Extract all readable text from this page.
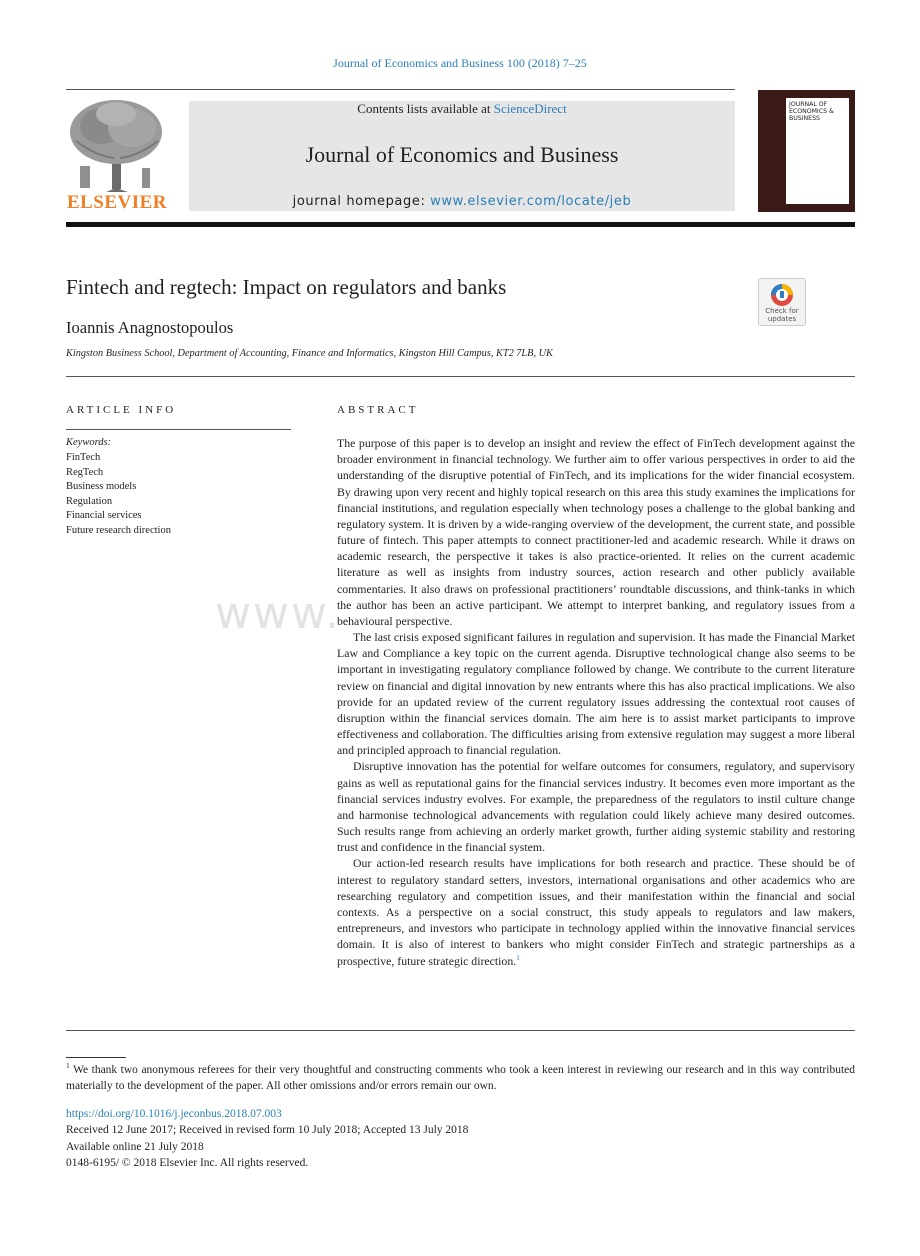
Journal of Economics and Business 100 (2018) 7–25
ELSEVIER
Contents lists available at ScienceDirect
Journal of Economics and Business
journal homepage: www.elsevier.com/locate/jeb
JOURNAL OF ECONOMICS & BUSINESS
Fintech and regtech: Impact on regulators and banks
Check for updates
Ioannis Anagnostopoulos
Kingston Business School, Department of Accounting, Finance and Informatics, Kingston Hill Campus, KT2 7LB, UK
ARTICLE INFO	ABSTRACT
Keywords:
FinTech
RegTech
Business models
Regulation
Financial services
Future research direction
www.

The purpose of this paper is to develop an insight and review the effect of FinTech development against the broader environment in financial technology. We further aim to offer various perspectives in order to aid the understanding of the disruptive potential of FinTech, and its implications for the wider financial ecosystem. By drawing upon very recent and highly topical research on this area this study examines the implications for financial institutions, and regulation especially when technology poses a challenge to the global banking and regulatory system. It is driven by a wide-ranging overview of the development, the current state, and possible future of fintech. This paper attempts to connect practitioner-led and academic research. While it draws on academic research, the perspective it takes is also practice-oriented. It relies on the current academic literature as well as insights from industry sources, action research and other publicly available commentaries. It also draws on professional practitioners’ roundtable discussions, and think-tanks in which the author has been an active participant. We attempt to interpret banking, and regulatory issues from a behavioural perspective.

The last crisis exposed significant failures in regulation and supervision. It has made the Financial Market Law and Compliance a key topic on the current agenda. Disruptive technological change also seems to be important in investigating regulatory compliance followed by change. We contribute to the current literature review on financial and digital innovation by new entrants where this has also practical implications. We also provide for an updated review of the current regulatory issues addressing the contextual root causes of disruption within the financial services domain. The aim here is to assist market participants to improve effectiveness and collaboration. The difficulties arising from extensive regulation may suggest a more liberal and principled approach to financial regulation.

Disruptive innovation has the potential for welfare outcomes for consumers, regulatory, and supervisory gains as well as reputational gains for the financial services industry. It becomes even more important as the financial services industry evolves. For example, the preparedness of the regulators to instil culture change and harmonise technological advancements with regulation could likely achieve many desired outcomes. Such results range from achieving an orderly market growth, further aiding systemic stability and restoring trust and confidence in the financial system.

Our action-led research results have implications for both research and practice. These should be of interest to regulatory standard setters, investors, international organisations and other academics who are researching regulatory and competition issues, and their manifestation within the financial and social contexts. As a perspective on a social construct, this study appeals to regulators and law makers, entrepreneurs, and investors who participate in technology applied within the innovative financial services domain. It is also of interest to bankers who might consider FinTech and strategic partnerships as a prospective, future strategic direction.$^1$

$^1$ We thank two anonymous referees for their very thoughtful and constructing comments who took a keen interest in reviewing our research and in this way contributed materially to the development of the paper. All other omissions and/or errors remain our own.
https://doi.org/10.1016/j.jeconbus.2018.07.003
Received 12 June 2017; Received in revised form 10 July 2018; Accepted 13 July 2018
Available online 21 July 2018
0148-6195/ © 2018 Elsevier Inc. All rights reserved.
